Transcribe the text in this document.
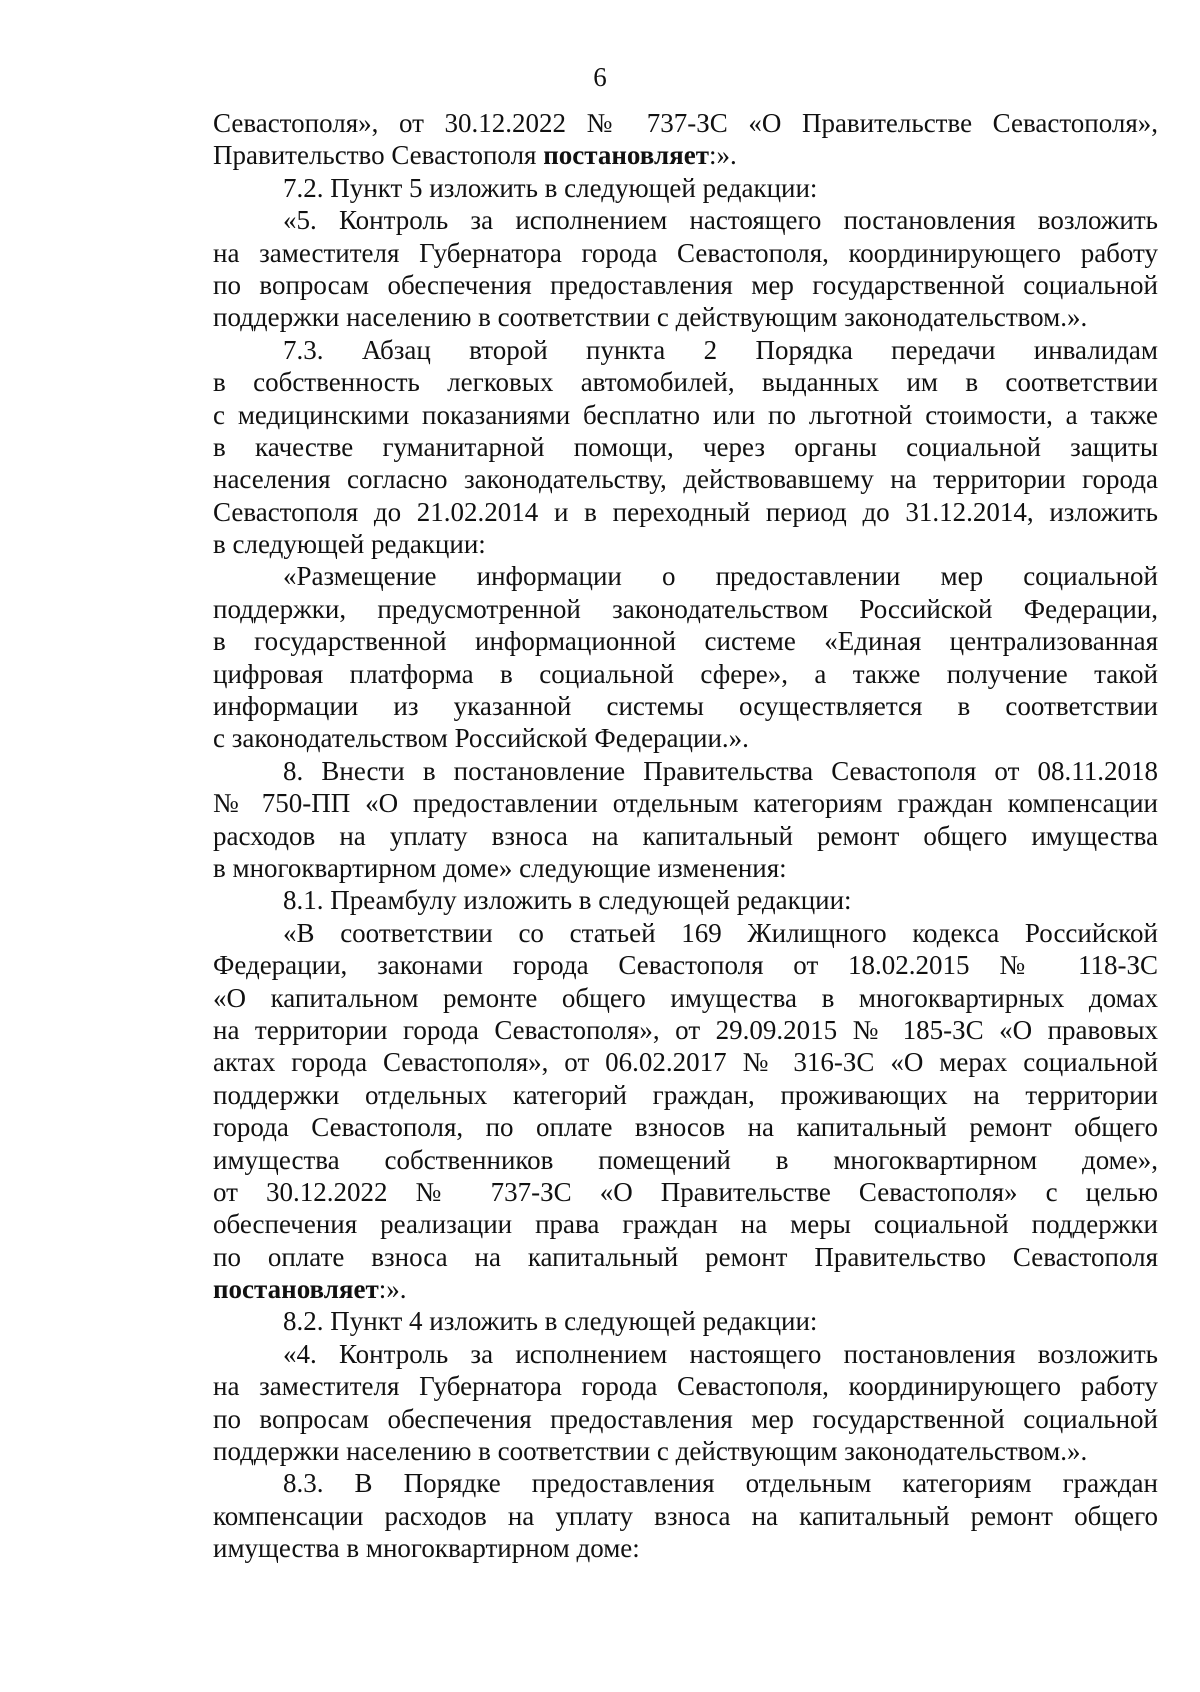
6
Севастополя», от 30.12.2022 № 737-ЗС «О Правительстве Севастополя»,
Правительство Севастополя постановляет:».
7.2. Пункт 5 изложить в следующей редакции:
«5. Контроль за исполнением настоящего постановления возложить
на заместителя Губернатора города Севастополя, координирующего работу
по вопросам обеспечения предоставления мер государственной социальной
поддержки населению в соответствии с действующим законодательством.».
7.3. Абзац второй пункта 2 Порядка передачи инвалидам
в собственность легковых автомобилей, выданных им в соответствии
с медицинскими показаниями бесплатно или по льготной стоимости, а также
в качестве гуманитарной помощи, через органы социальной защиты
населения согласно законодательству, действовавшему на территории города
Севастополя до 21.02.2014 и в переходный период до 31.12.2014, изложить
в следующей редакции:
«Размещение информации о предоставлении мер социальной
поддержки, предусмотренной законодательством Российской Федерации,
в государственной информационной системе «Единая централизованная
цифровая платформа в социальной сфере», а также получение такой
информации из указанной системы осуществляется в соответствии
с законодательством Российской Федерации.».
8. Внести в постановление Правительства Севастополя от 08.11.2018
№ 750-ПП «О предоставлении отдельным категориям граждан компенсации
расходов на уплату взноса на капитальный ремонт общего имущества
в многоквартирном доме» следующие изменения:
8.1. Преамбулу изложить в следующей редакции:
«В соответствии со статьей 169 Жилищного кодекса Российской
Федерации, законами города Севастополя от 18.02.2015 № 118-ЗС
«О капитальном ремонте общего имущества в многоквартирных домах
на территории города Севастополя», от 29.09.2015 № 185-ЗС «О правовых
актах города Севастополя», от 06.02.2017 № 316-ЗС «О мерах социальной
поддержки отдельных категорий граждан, проживающих на территории
города Севастополя, по оплате взносов на капитальный ремонт общего
имущества собственников помещений в многоквартирном доме»,
от 30.12.2022 № 737-ЗС «О Правительстве Севастополя» с целью
обеспечения реализации права граждан на меры социальной поддержки
по оплате взноса на капитальный ремонт Правительство Севастополя
постановляет:».
8.2. Пункт 4 изложить в следующей редакции:
«4. Контроль за исполнением настоящего постановления возложить
на заместителя Губернатора города Севастополя, координирующего работу
по вопросам обеспечения предоставления мер государственной социальной
поддержки населению в соответствии с действующим законодательством.».
8.3. В Порядке предоставления отдельным категориям граждан
компенсации расходов на уплату взноса на капитальный ремонт общего
имущества в многоквартирном доме:
